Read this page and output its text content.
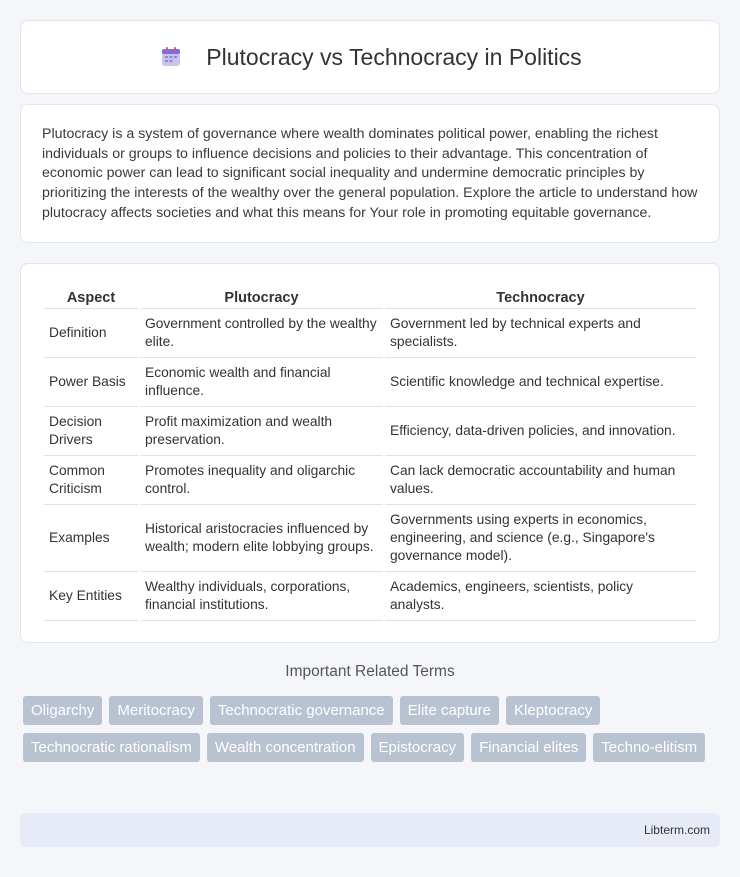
Plutocracy vs Technocracy in Politics

Plutocracy is a system of governance where wealth dominates political power, enabling the richest individuals or groups to influence decisions and policies to their advantage. This concentration of economic power can lead to significant social inequality and undermine democratic principles by prioritizing the interests of the wealthy over the general population. Explore the article to understand how plutocracy affects societies and what this means for Your role in promoting equitable governance.

Aspect	Plutocracy	Technocracy
Definition	Government controlled by the wealthy elite.	Government led by technical experts and specialists.
Power Basis	Economic wealth and financial influence.	Scientific knowledge and technical expertise.
Decision Drivers	Profit maximization and wealth preservation.	Efficiency, data-driven policies, and innovation.
Common Criticism	Promotes inequality and oligarchic control.	Can lack democratic accountability and human values.
Examples	Historical aristocracies influenced by wealth; modern elite lobbying groups.	Governments using experts in economics, engineering, and science (e.g., Singapore's governance model).
Key Entities	Wealthy individuals, corporations, financial institutions.	Academics, engineers, scientists, policy analysts.
Important Related Terms
Oligarchy	Meritocracy	Technocratic governance	Elite capture	Kleptocracy
Technocratic rationalism	Wealth concentration	Epistocracy	Financial elites	Techno-elitism
Libterm.com
